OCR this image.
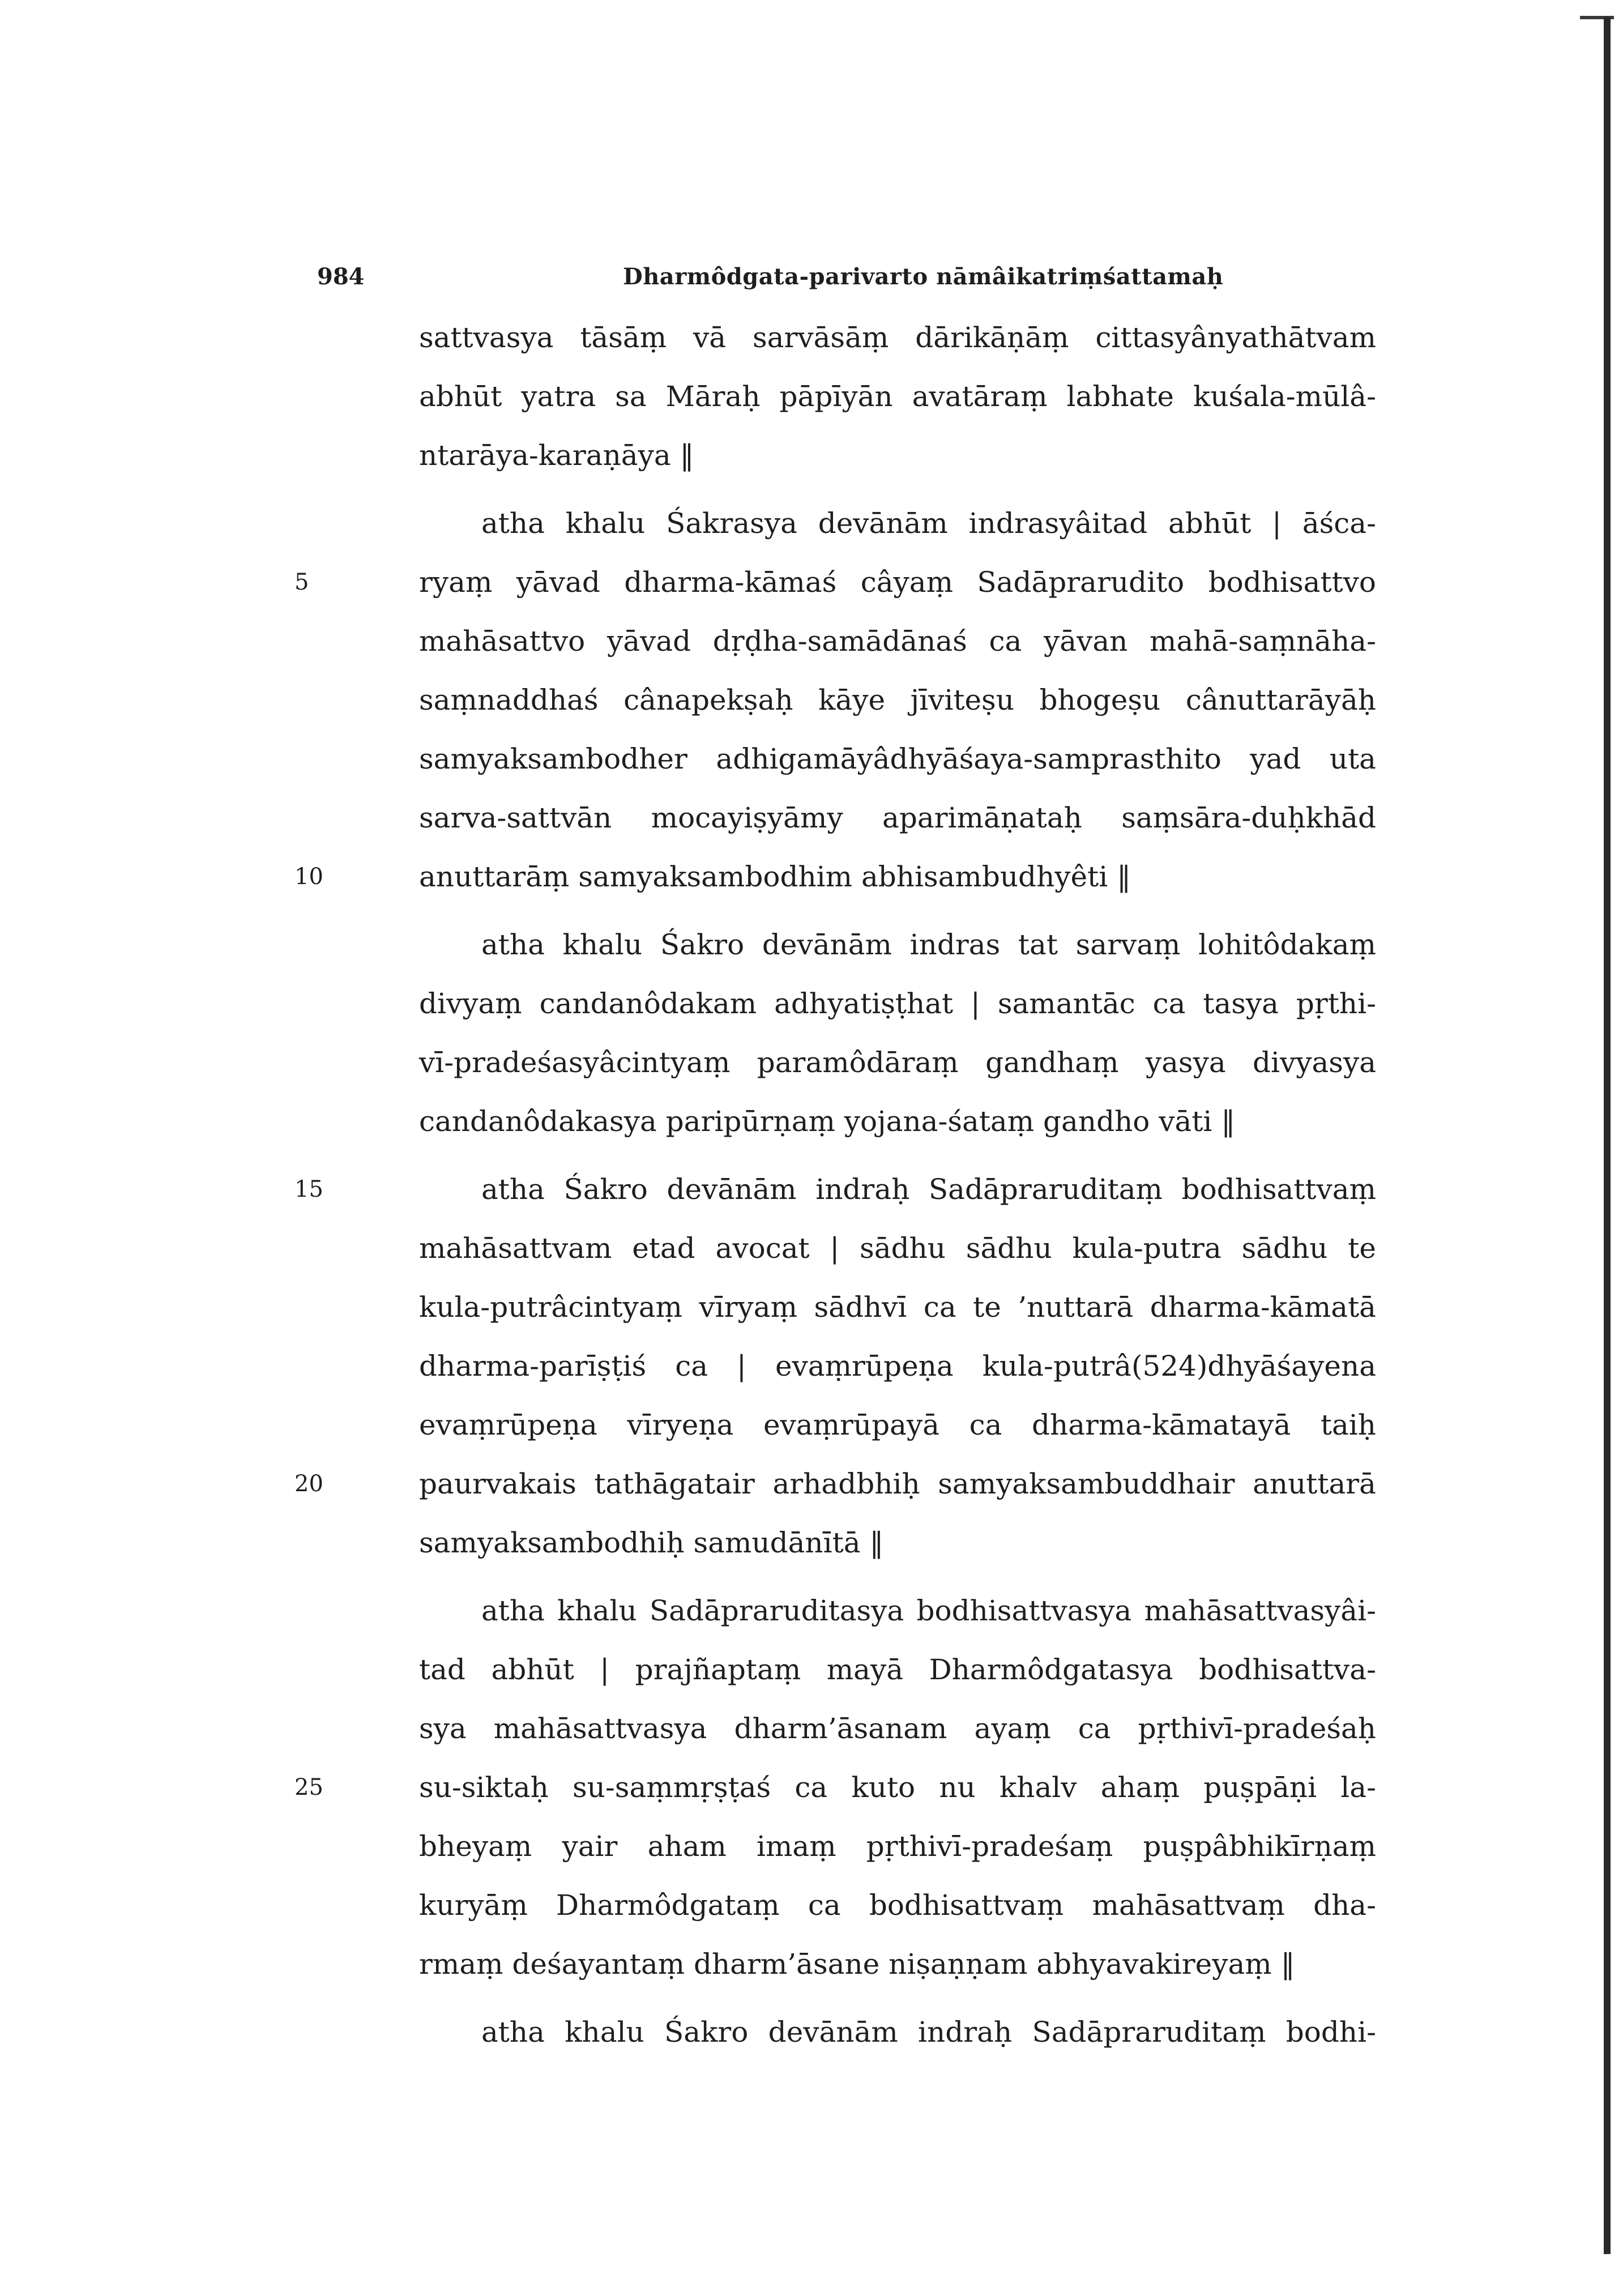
984	Dharmôdgata-parivarto nāmâikatriṃśattamaḥ
sattvasya tāsāṃ vā sarvāsāṃ dārikāṇāṃ cittasyânyathātvam
abhūt yatra sa Māraḥ pāpīyān avatāraṃ labhate kuśala-mūlâ-
ntarāya-karaṇāya ‖
atha khalu Śakrasya devānām indrasyâitad abhūt | āśca-
ryaṃ yāvad dharma-kāmaś câyaṃ Sadāprarudito bodhisattvo
mahāsattvo yāvad dṛḍha-samādānaś ca yāvan mahā-saṃnāha-
saṃnaddhaś cânapekṣaḥ kāye jīviteṣu bhogeṣu cânuttarāyāḥ
samyaksambodher adhigamāyâdhyāśaya-samprasthito yad uta
sarva-sattvān mocayiṣyāmy aparimāṇataḥ saṃsāra-duḥkhād
anuttarāṃ samyaksambodhim abhisambudhyêti ‖
atha khalu Śakro devānām indras tat sarvaṃ lohitôdakaṃ
divyaṃ candanôdakam adhyatiṣṭhat | samantāc ca tasya pṛthi-
vī-pradeśasyâcintyaṃ paramôdāraṃ gandhaṃ yasya divyasya
candanôdakasya paripūrṇaṃ yojana-śataṃ gandho vāti ‖
atha Śakro devānām indraḥ Sadāpraruditaṃ bodhisattvaṃ
mahāsattvam etad avocat | sādhu sādhu kula-putra sādhu te
kula-putrâcintyaṃ vīryaṃ sādhvī ca te ’nuttarā dharma-kāmatā
dharma-parīṣṭiś ca | evaṃrūpeṇa kula-putrâ(524)dhyāśayena
evaṃrūpeṇa vīryeṇa evaṃrūpayā ca dharma-kāmatayā taiḥ
paurvakais tathāgatair arhadbhiḥ samyaksambuddhair anuttarā
samyaksambodhiḥ samudānītā ‖
atha khalu Sadāpraruditasya bodhisattvasya mahāsattvasyâi-
tad abhūt | prajñaptaṃ mayā Dharmôdgatasya bodhisattva-
sya mahāsattvasya dharm’āsanam ayaṃ ca pṛthivī-pradeśaḥ
su-siktaḥ su-saṃmṛṣṭaś ca kuto nu khalv ahaṃ puṣpāṇi la-
bheyaṃ yair aham imaṃ pṛthivī-pradeśaṃ puṣpâbhikīrṇaṃ
kuryāṃ Dharmôdgataṃ ca bodhisattvaṃ mahāsattvaṃ dha-
rmaṃ deśayantaṃ dharm’āsane niṣaṇṇam abhyavakireyaṃ ‖
atha khalu Śakro devānām indraḥ Sadāpraruditaṃ bodhi-
5
10
15
20
25
